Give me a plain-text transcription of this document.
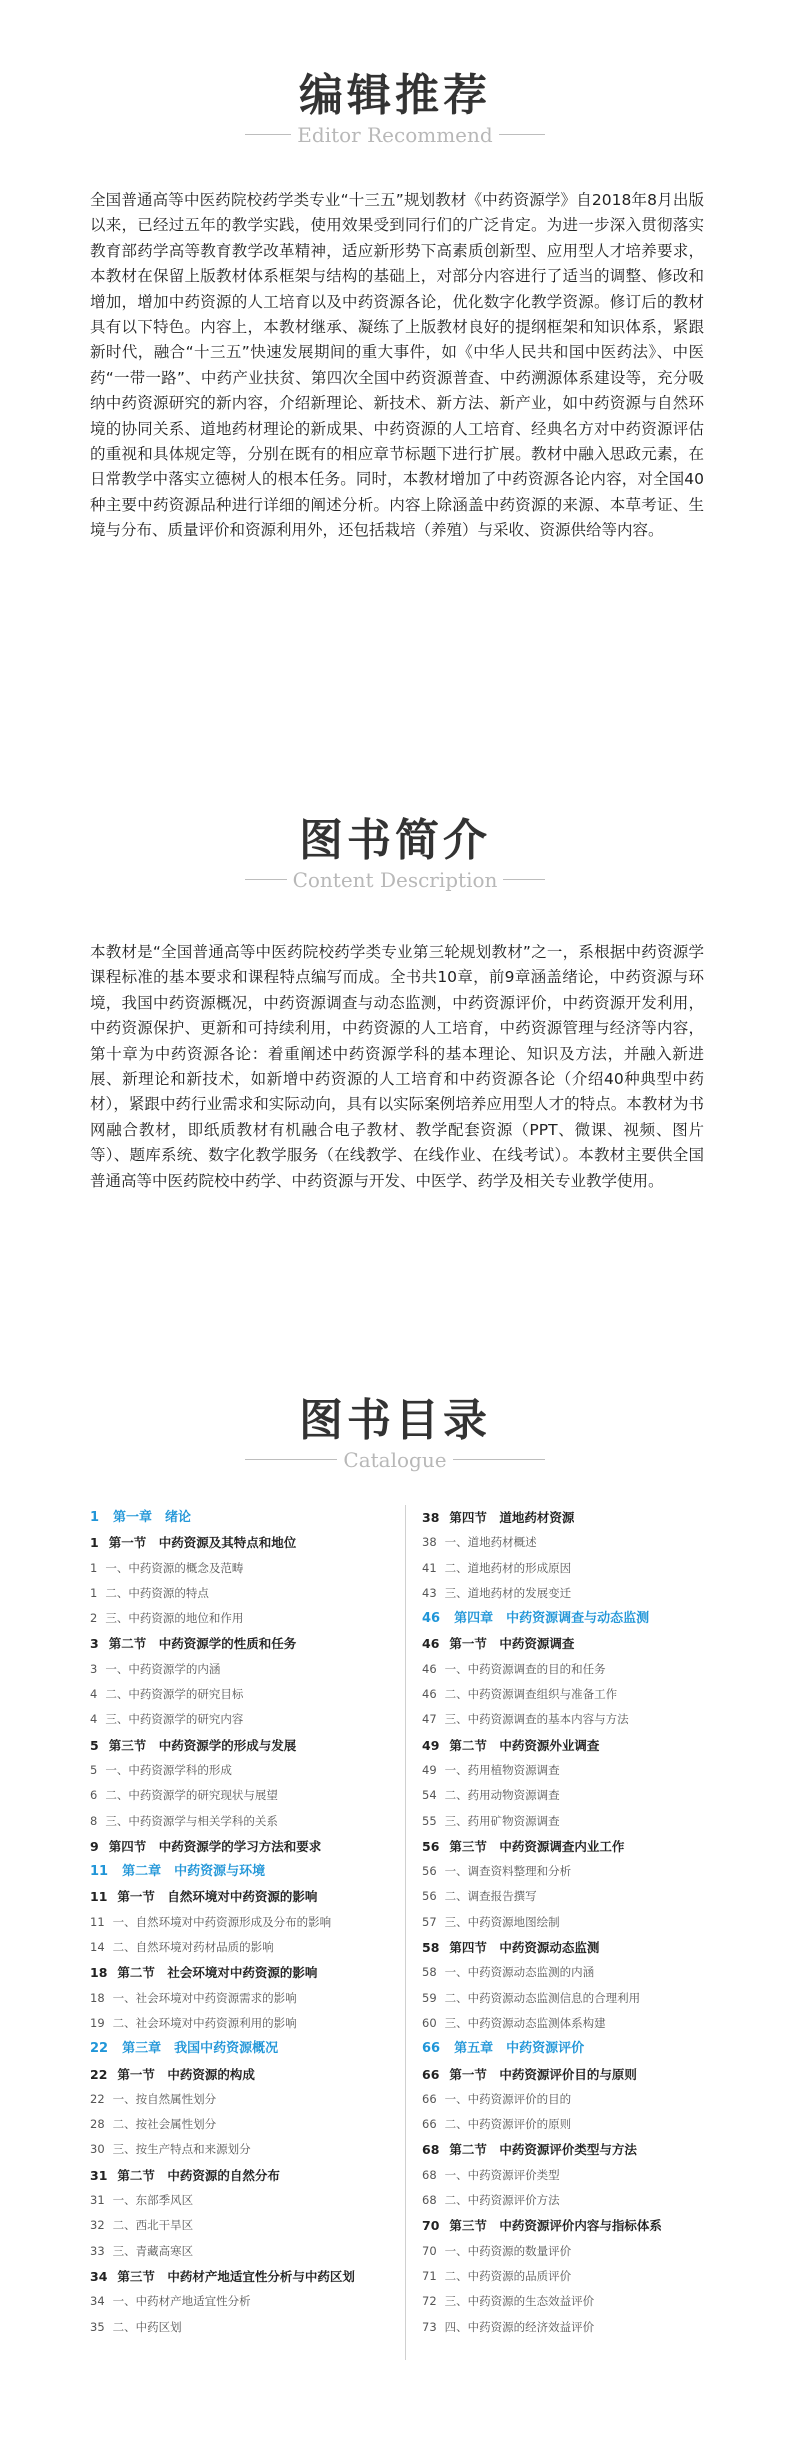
编辑推荐
Editor Recommend
全国普通高等中医药院校药学类专业“十三五”规划教材《中药资源学》自2018年8月出版以来，已经过五年的教学实践，使用效果受到同行们的广泛肯定。为进一步深入贯彻落实教育部药学高等教育教学改革精神，适应新形势下高素质创新型、应用型人才培养要求，本教材在保留上版教材体系框架与结构的基础上，对部分内容进行了适当的调整、修改和增加，增加中药资源的人工培育以及中药资源各论，优化数字化教学资源。修订后的教材具有以下特色。内容上，本教材继承、凝练了上版教材良好的提纲框架和知识体系，紧跟新时代，融合“十三五”快速发展期间的重大事件，如《中华人民共和国中医药法》、中医药“一带一路”、中药产业扶贫、第四次全国中药资源普查、中药溯源体系建设等，充分吸纳中药资源研究的新内容，介绍新理论、新技术、新方法、新产业，如中药资源与自然环境的协同关系、道地药材理论的新成果、中药资源的人工培育、经典名方对中药资源评估的重视和具体规定等，分别在既有的相应章节标题下进行扩展。教材中融入思政元素，在日常教学中落实立德树人的根本任务。同时，本教材增加了中药资源各论内容，对全国40种主要中药资源品种进行详细的阐述分析。内容上除涵盖中药资源的来源、本草考证、生境与分布、质量评价和资源利用外，还包括栽培（养殖）与采收、资源供给等内容。
图书简介
Content Description
本教材是“全国普通高等中医药院校药学类专业第三轮规划教材”之一，系根据中药资源学课程标准的基本要求和课程特点编写而成。全书共10章，前9章涵盖绪论，中药资源与环境，我国中药资源概况，中药资源调查与动态监测，中药资源评价，中药资源开发利用，中药资源保护、更新和可持续利用，中药资源的人工培育，中药资源管理与经济等内容，第十章为中药资源各论：着重阐述中药资源学科的基本理论、知识及方法，并融入新进展、新理论和新技术，如新增中药资源的人工培育和中药资源各论（介绍40种典型中药材），紧跟中药行业需求和实际动向，具有以实际案例培养应用型人才的特点。本教材为书网融合教材，即纸质教材有机融合电子教材、教学配套资源（PPT、微课、视频、图片等）、题库系统、数字化教学服务（在线教学、在线作业、在线考试）。本教材主要供全国普通高等中医药院校中药学、中药资源与开发、中医学、药学及相关专业教学使用。
图书目录
Catalogue
1 第一章　绪论
1 第一节　中药资源及其特点和地位
1 一、中药资源的概念及范畴
1 二、中药资源的特点
2 三、中药资源的地位和作用
3 第二节　中药资源学的性质和任务
3 一、中药资源学的内涵
4 二、中药资源学的研究目标
4 三、中药资源学的研究内容
5 第三节　中药资源学的形成与发展
5 一、中药资源学科的形成
6 二、中药资源学的研究现状与展望
8 三、中药资源学与相关学科的关系
9 第四节　中药资源学的学习方法和要求
11 第二章　中药资源与环境
11 第一节　自然环境对中药资源的影响
11 一、自然环境对中药资源形成及分布的影响
14 二、自然环境对药材品质的影响
18 第二节　社会环境对中药资源的影响
18 一、社会环境对中药资源需求的影响
19 二、社会环境对中药资源利用的影响
22 第三章　我国中药资源概况
22 第一节　中药资源的构成
22 一、按自然属性划分
28 二、按社会属性划分
30 三、按生产特点和来源划分
31 第二节　中药资源的自然分布
31 一、东部季风区
32 二、西北干旱区
33 三、青藏高寒区
34 第三节　中药材产地适宜性分析与中药区划
34 一、中药材产地适宜性分析
35 二、中药区划
38 第四节　道地药材资源
38 一、道地药材概述
41 二、道地药材的形成原因
43 三、道地药材的发展变迁
46 第四章　中药资源调查与动态监测
46 第一节　中药资源调查
46 一、中药资源调查的目的和任务
46 二、中药资源调查组织与准备工作
47 三、中药资源调查的基本内容与方法
49 第二节　中药资源外业调查
49 一、药用植物资源调查
54 二、药用动物资源调查
55 三、药用矿物资源调查
56 第三节　中药资源调查内业工作
56 一、调查资料整理和分析
56 二、调查报告撰写
57 三、中药资源地图绘制
58 第四节　中药资源动态监测
58 一、中药资源动态监测的内涵
59 二、中药资源动态监测信息的合理利用
60 三、中药资源动态监测体系构建
66 第五章　中药资源评价
66 第一节　中药资源评价目的与原则
66 一、中药资源评价的目的
66 二、中药资源评价的原则
68 第二节　中药资源评价类型与方法
68 一、中药资源评价类型
68 二、中药资源评价方法
70 第三节　中药资源评价内容与指标体系
70 一、中药资源的数量评价
71 二、中药资源的品质评价
72 三、中药资源的生态效益评价
73 四、中药资源的经济效益评价
